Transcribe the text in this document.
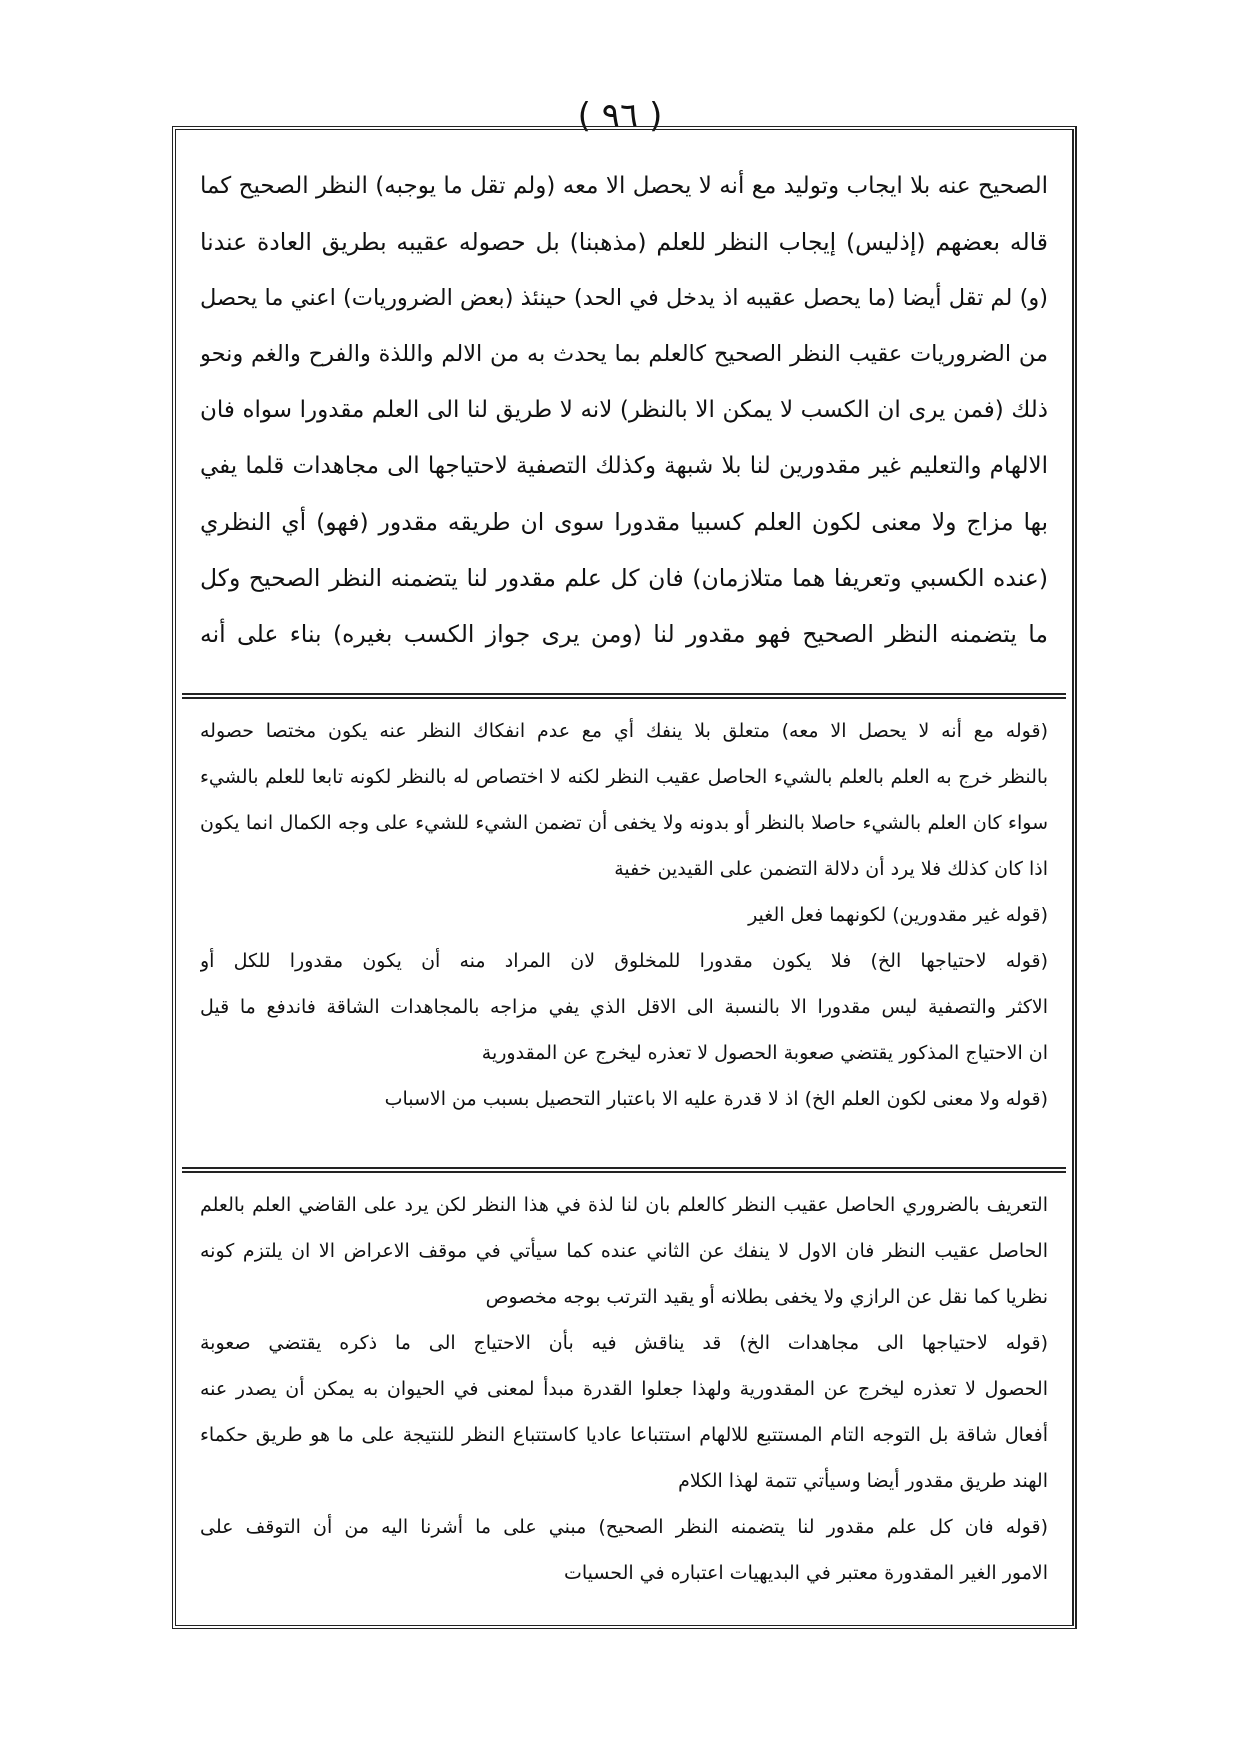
( ٩٦ )
الصحيح عنه بلا ايجاب وتوليد مع أنه لا يحصل الا معه (ولم تقل ما يوجبه) النظر الصحيح كما
قاله بعضهم (إذليس) إيجاب النظر للعلم (مذهبنا) بل حصوله عقيبه بطريق العادة عندنا
(و) لم تقل أيضا (ما يحصل عقيبه اذ يدخل في الحد) حينئذ (بعض الضروريات) اعني ما يحصل
من الضروريات عقيب النظر الصحيح كالعلم بما يحدث به من الالم واللذة والفرح والغم ونحو
ذلك (فمن يرى ان الكسب لا يمكن الا بالنظر) لانه لا طريق لنا الى العلم مقدورا سواه فان
الالهام والتعليم غير مقدورين لنا بلا شبهة وكذلك التصفية لاحتياجها الى مجاهدات قلما يفي
بها مزاج ولا معنى لكون العلم كسبيا مقدورا سوى ان طريقه مقدور (فهو) أي النظري
(عنده الكسبي وتعريفا هما متلازمان) فان كل علم مقدور لنا يتضمنه النظر الصحيح وكل
ما يتضمنه النظر الصحيح فهو مقدور لنا (ومن يرى جواز الكسب بغيره) بناء على أنه
(قوله مع أنه لا يحصل الا معه) متعلق بلا ينفك أي مع عدم انفكاك النظر عنه يكون مختصا حصوله
بالنظر خرج به العلم بالعلم بالشيء الحاصل عقيب النظر لكنه لا اختصاص له بالنظر لكونه تابعا للعلم بالشيء
سواء كان العلم بالشيء حاصلا بالنظر أو بدونه ولا يخفى أن تضمن الشيء للشيء على وجه الكمال انما يكون
اذا كان كذلك فلا يرد أن دلالة التضمن على القيدين خفية
(قوله غير مقدورين) لكونهما فعل الغير
(قوله لاحتياجها الخ) فلا يكون مقدورا للمخلوق لان المراد منه أن يكون مقدورا للكل أو
الاكثر والتصفية ليس مقدورا الا بالنسبة الى الاقل الذي يفي مزاجه بالمجاهدات الشاقة فاندفع ما قيل
ان الاحتياج المذكور يقتضي صعوبة الحصول لا تعذره ليخرج عن المقدورية
(قوله ولا معنى لكون العلم الخ) اذ لا قدرة عليه الا باعتبار التحصيل بسبب من الاسباب
التعريف بالضروري الحاصل عقيب النظر كالعلم بان لنا لذة في هذا النظر لكن يرد على القاضي العلم بالعلم
الحاصل عقيب النظر فان الاول لا ينفك عن الثاني عنده كما سيأتي في موقف الاعراض الا ان يلتزم كونه
نظريا كما نقل عن الرازي ولا يخفى بطلانه أو يقيد الترتب بوجه مخصوص
(قوله لاحتياجها الى مجاهدات الخ) قد يناقش فيه بأن الاحتياج الى ما ذكره يقتضي صعوبة
الحصول لا تعذره ليخرج عن المقدورية ولهذا جعلوا القدرة مبدأ لمعنى في الحيوان به يمكن أن يصدر عنه
أفعال شاقة بل التوجه التام المستتبع للالهام استتباعا عاديا كاستتباع النظر للنتيجة على ما هو طريق حكماء
الهند طريق مقدور أيضا وسيأتي تتمة لهذا الكلام
(قوله فان كل علم مقدور لنا يتضمنه النظر الصحيح) مبني على ما أشرنا اليه من أن التوقف على
الامور الغير المقدورة معتبر في البديهيات اعتباره في الحسيات
